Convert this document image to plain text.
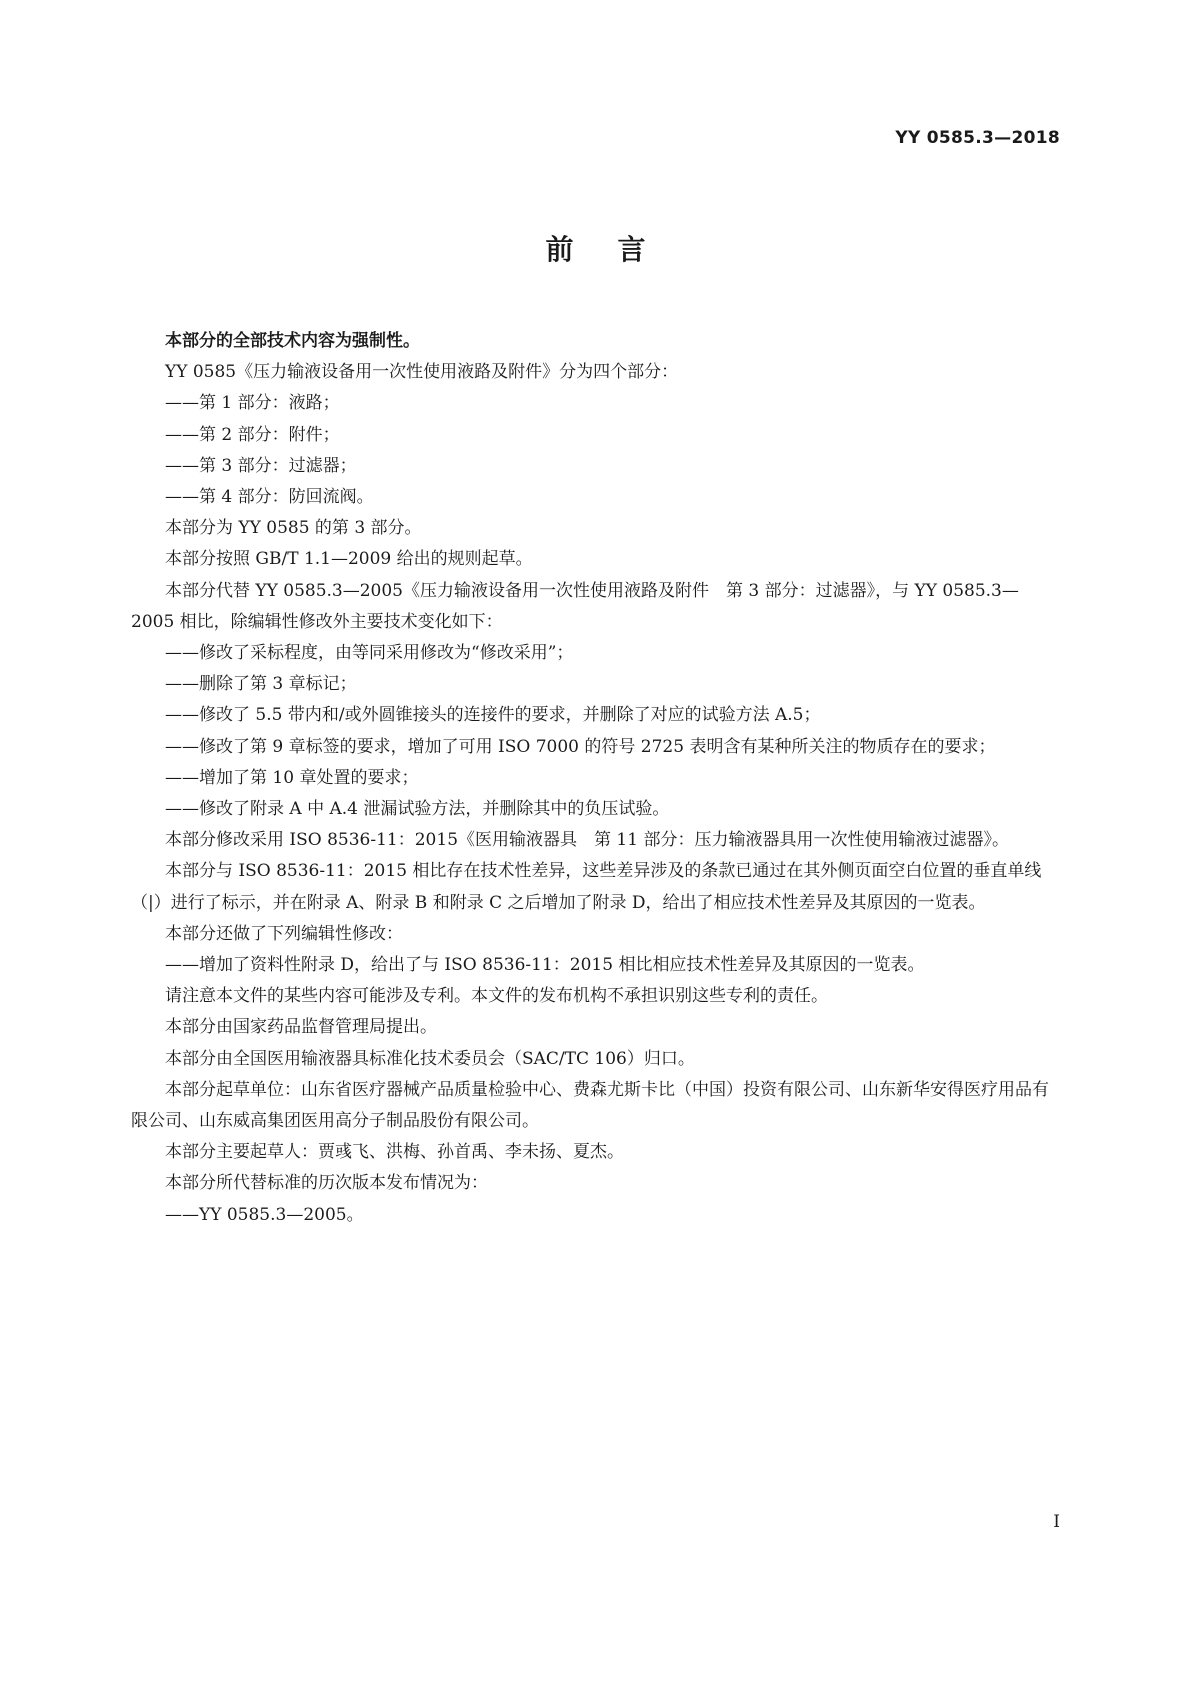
YY 0585.3—2018
前言

本部分的全部技术内容为强制性。

YY 0585《压力输液设备用一次性使用液路及附件》分为四个部分：

——第 1 部分：液路；

——第 2 部分：附件；

——第 3 部分：过滤器；

——第 4 部分：防回流阀。

本部分为 YY 0585 的第 3 部分。

本部分按照 GB/T 1.1—2009 给出的规则起草。

本部分代替 YY 0585.3—2005《压力输液设备用一次性使用液路及附件　第 3 部分：过滤器》，与 YY 0585.3—2005 相比，除编辑性修改外主要技术变化如下：

——修改了采标程度，由等同采用修改为“修改采用”；

——删除了第 3 章标记；

——修改了 5.5 带内和/或外圆锥接头的连接件的要求，并删除了对应的试验方法 A.5；

——修改了第 9 章标签的要求，增加了可用 ISO 7000 的符号 2725 表明含有某种所关注的物质存在的要求；

——增加了第 10 章处置的要求；

——修改了附录 A 中 A.4 泄漏试验方法，并删除其中的负压试验。

本部分修改采用 ISO 8536-11：2015《医用输液器具　第 11 部分：压力输液器具用一次性使用输液过滤器》。

本部分与 ISO 8536-11：2015 相比存在技术性差异，这些差异涉及的条款已通过在其外侧页面空白位置的垂直单线（|）进行了标示，并在附录 A、附录 B 和附录 C 之后增加了附录 D，给出了相应技术性差异及其原因的一览表。

本部分还做了下列编辑性修改：

——增加了资料性附录 D，给出了与 ISO 8536-11：2015 相比相应技术性差异及其原因的一览表。

请注意本文件的某些内容可能涉及专利。本文件的发布机构不承担识别这些专利的责任。

本部分由国家药品监督管理局提出。

本部分由全国医用输液器具标准化技术委员会（SAC/TC 106）归口。

本部分起草单位：山东省医疗器械产品质量检验中心、费森尤斯卡比（中国）投资有限公司、山东新华安得医疗用品有限公司、山东威高集团医用高分子制品股份有限公司。

本部分主要起草人：贾彧飞、洪梅、孙首禹、李未扬、夏杰。

本部分所代替标准的历次版本发布情况为：

——YY 0585.3—2005。

I
